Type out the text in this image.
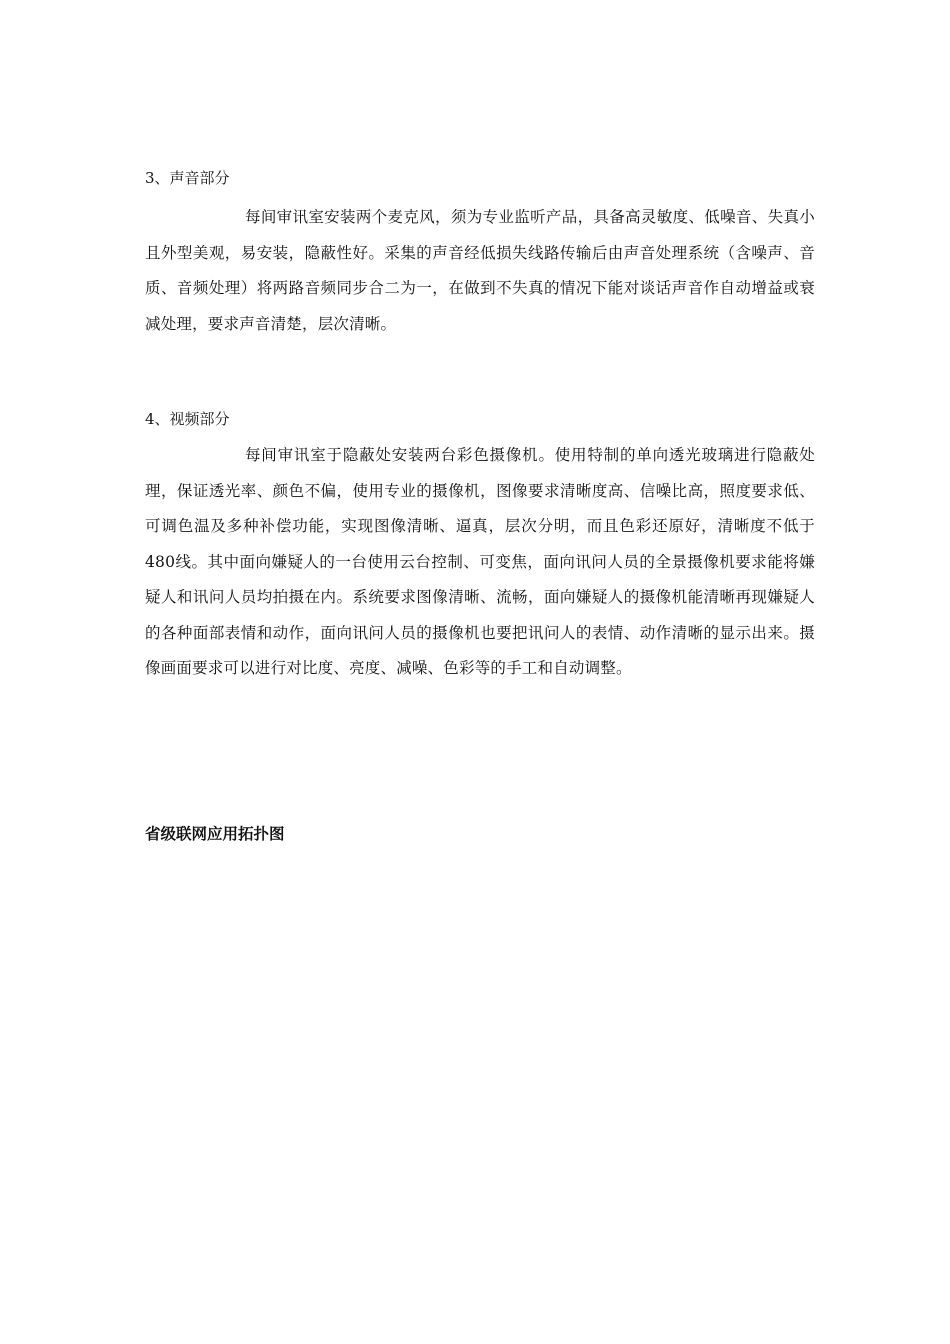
3、声音部分
每间审讯室安装两个麦克风，须为专业监听产品，具备高灵敏度、低噪音、失真小且外型美观，易安装，隐蔽性好。采集的声音经低损失线路传输后由声音处理系统（含噪声、音质、音频处理）将两路音频同步合二为一，在做到不失真的情况下能对谈话声音作自动增益或衰减处理，要求声音清楚，层次清晰。
4、视频部分
每间审讯室于隐蔽处安装两台彩色摄像机。使用特制的单向透光玻璃进行隐蔽处理，保证透光率、颜色不偏，使用专业的摄像机，图像要求清晰度高、信噪比高，照度要求低、可调色温及多种补偿功能，实现图像清晰、逼真，层次分明，而且色彩还原好，清晰度不低于480线。其中面向嫌疑人的一台使用云台控制、可变焦，面向讯问人员的全景摄像机要求能将嫌疑人和讯问人员均拍摄在内。系统要求图像清晰、流畅，面向嫌疑人的摄像机能清晰再现嫌疑人的各种面部表情和动作，面向讯问人员的摄像机也要把讯问人的表情、动作清晰的显示出来。摄像画面要求可以进行对比度、亮度、减噪、色彩等的手工和自动调整。
省级联网应用拓扑图
